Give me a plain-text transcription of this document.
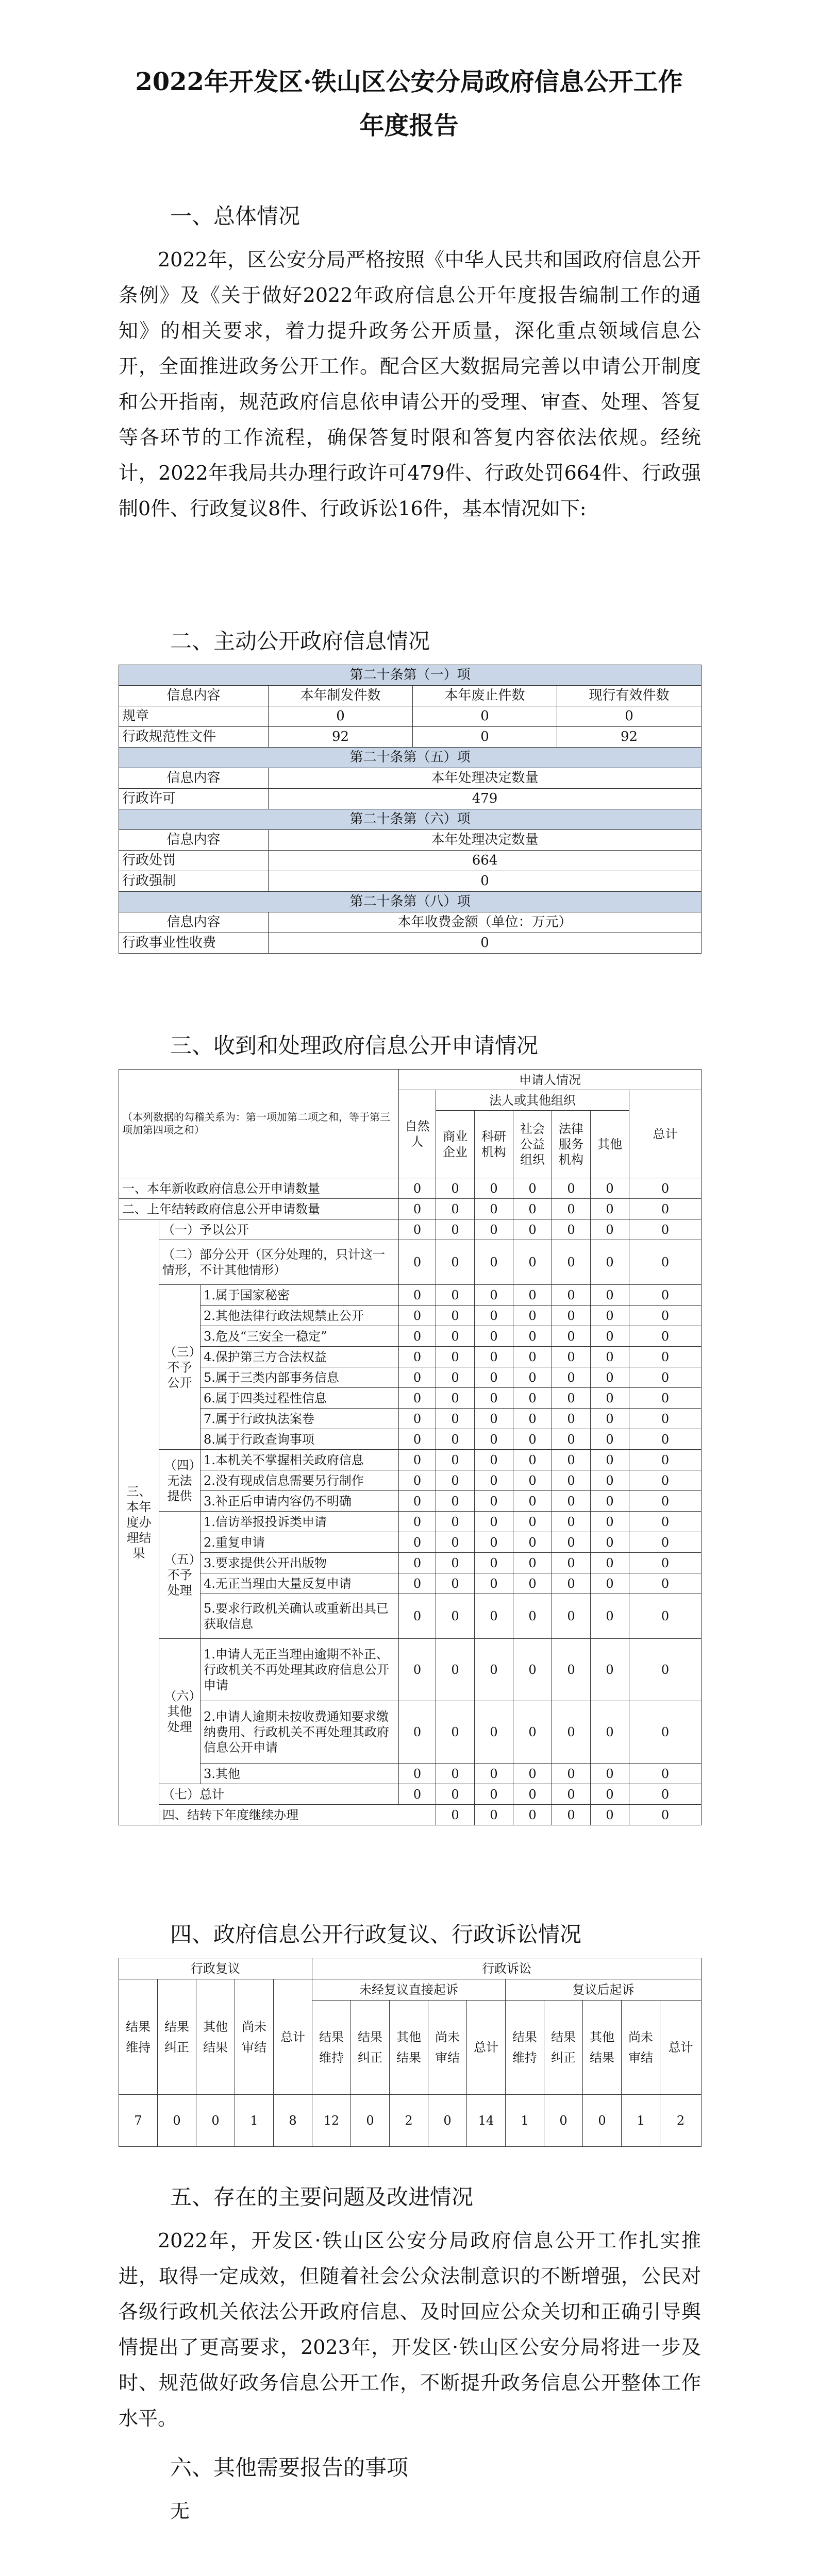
2022年开发区·铁山区公安分局政府信息公开工作
年度报告
一、总体情况
2022年，区公安分局严格按照《中华人民共和国政府信息公开条例》及《关于做好2022年政府信息公开年度报告编制工作的通知》的相关要求，着力提升政务公开质量，深化重点领域信息公开，全面推进政务公开工作。配合区大数据局完善以申请公开制度和公开指南，规范政府信息依申请公开的受理、审查、处理、答复等各环节的工作流程，确保答复时限和答复内容依法依规。经统计，2022年我局共办理行政许可479件、行政处罚664件、行政强制0件、行政复议8件、行政诉讼16件，基本情况如下:
二、主动公开政府信息情况
第二十条第（一）项			
信息内容	本年制发件数	本年废止件数	现行有效件数
规章	0	0	0
行政规范性文件	92	0	92
第二十条第（五）项			
信息内容	本年处理决定数量		
行政许可	479		
第二十条第（六）项			
信息内容	本年处理决定数量		
行政处罚	664		
行政强制	0		
第二十条第（八）项			
信息内容	本年收费金额（单位：万元）		
行政事业性收费	0		
三、收到和处理政府信息公开申请情况
（本列数据的勾稽关系为：第一项加第二项之和，等于第三项加第四项之和）			申请人情况							
			自然人	法人或其他组织					总计	
				商业企业	科研机构	社会公益组织	法律服务机构	其他		
一、本年新收政府信息公开申请数量			0	0	0	0	0	0	0	
二、上年结转政府信息公开申请数量			0	0	0	0	0	0	0	
三、本年度办理结果	（一）予以公开		0	0	0	0	0	0	0	
	（二）部分公开（区分处理的，只计这一情形，不计其他情形）		0	0	0	0	0	0	0	
	（三）不予公开	1.属于国家秘密	0	0	0	0	0	0	0	
		2.其他法律行政法规禁止公开	0	0	0	0	0	0	0	
		3.危及“三安全一稳定”	0	0	0	0	0	0	0	
		4.保护第三方合法权益	0	0	0	0	0	0	0	
		5.属于三类内部事务信息	0	0	0	0	0	0	0	
		6.属于四类过程性信息	0	0	0	0	0	0	0	
		7.属于行政执法案卷	0	0	0	0	0	0	0	
		8.属于行政查询事项	0	0	0	0	0	0	0	
	（四）无法提供	1.本机关不掌握相关政府信息	0	0	0	0	0	0	0	
		2.没有现成信息需要另行制作	0	0	0	0	0	0	0	
		3.补正后申请内容仍不明确	0	0	0	0	0	0	0	
	（五）不予处理	1.信访举报投诉类申请	0	0	0	0	0	0	0	
		2.重复申请	0	0	0	0	0	0	0	
		3.要求提供公开出版物	0	0	0	0	0	0	0	
		4.无正当理由大量反复申请	0	0	0	0	0	0	0	
		5.要求行政机关确认或重新出具已获取信息	0	0	0	0	0	0	0	
	（六）其他处理	1.申请人无正当理由逾期不补正、行政机关不再处理其政府信息公开申请	0	0	0	0	0	0	0	
		2.申请人逾期未按收费通知要求缴纳费用、行政机关不再处理其政府信息公开申请	0	0	0	0	0	0	0	
		3.其他	0	0	0	0	0	0	0	
	（七）总计		0	0	0	0	0	0	0	
	四、结转下年度继续办理			0	0	0	0	0	0	
四、政府信息公开行政复议、行政诉讼情况
行政复议					行政诉讼									
结果维持	结果纠正	其他结果	尚未审结	总计	未经复议直接起诉					复议后起诉				
					结果维持	结果纠正	其他结果	尚未审结	总计	结果维持	结果纠正	其他结果	尚未审结	总计
7	0	0	1	8	12	0	2	0	14	1	0	0	1	2
五、存在的主要问题及改进情况
2022年，开发区·铁山区公安分局政府信息公开工作扎实推进，取得一定成效，但随着社会公众法制意识的不断增强，公民对各级行政机关依法公开政府信息、及时回应公众关切和正确引导舆情提出了更高要求，2023年，开发区·铁山区公安分局将进一步及时、规范做好政务信息公开工作，不断提升政务信息公开整体工作水平。
六、其他需要报告的事项
无
